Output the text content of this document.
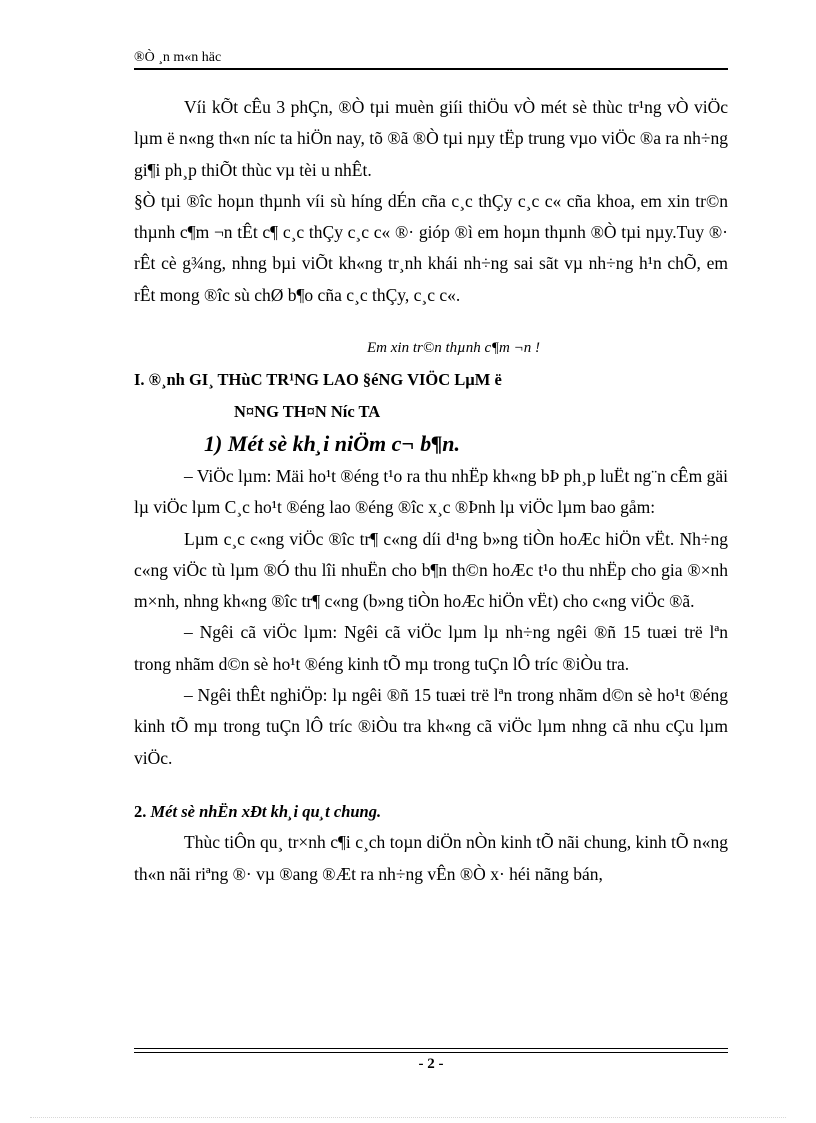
®Ò ¸n m«n häc

Víi kÕt cÊu 3 phÇn, ®Ò tµi muèn giíi thiÖu vÒ mét sè thùc tr¹ng vÒ viÖc lµm ë n«ng th«n níc ta hiÖn nay, tõ ®ã ®Ò tµi nµy tËp trung vµo viÖc ®a ra nh÷ng gi¶i ph¸p thiÕt thùc vµ tèi u nhÊt.

§Ò tµi ®îc hoµn thµnh víi sù híng dÉn cña c¸c thÇy c¸c c« cña khoa, em xin tr©n thµnh c¶m ¬n tÊt c¶ c¸c thÇy c¸c c« ®· gióp ®ì em hoµn thµnh ®Ò tµi nµy.Tuy ®· rÊt cè g¾ng, nhng bµi viÕt kh«ng tr¸nh khái nh÷ng sai sãt vµ nh÷ng h¹n chÕ, em rÊt mong ®îc sù chØ b¶o cña c¸c thÇy, c¸c c«.

Em xin tr©n thµnh c¶m ¬n !

I. ®¸nh GI¸ THùC TR¹NG LAO §éNG VIÖC LµM ë

N¤NG TH¤N Níc TA

1) Mét sè kh¸i niÖm c¬ b¶n.

– ViÖc lµm: Mäi ho¹t ®éng t¹o ra thu nhËp kh«ng bÞ ph¸p luËt ng¨n cÊm gäi lµ viÖc lµm C¸c ho¹t ®éng lao ®éng ®îc x¸c ®Þnh lµ viÖc lµm bao gåm:

Lµm c¸c c«ng viÖc ®îc tr¶ c«ng díi d¹ng b»ng tiÒn hoÆc hiÖn vËt. Nh÷ng c«ng viÖc tù lµm ®Ó thu lîi nhuËn cho b¶n th©n hoÆc t¹o thu nhËp cho gia ®×nh m×nh, nhng kh«ng ®îc tr¶ c«ng (b»ng tiÒn hoÆc hiÖn vËt) cho c«ng viÖc ®ã.

– Ngêi cã viÖc lµm: Ngêi cã viÖc lµm lµ nh÷ng ngêi ®ñ 15 tuæi trë lªn trong nhãm d©n sè ho¹t ®éng kinh tÕ mµ trong tuÇn lÔ tríc ®iÒu tra.

– Ngêi thÊt nghiÖp: lµ ngêi ®ñ 15 tuæi trë lªn trong nhãm d©n sè ho¹t ®éng kinh tÕ mµ trong tuÇn lÔ tríc ®iÒu tra kh«ng cã viÖc lµm nhng cã nhu cÇu lµm viÖc.

2. Mét sè nhËn xÐt kh¸i qu¸t chung.

Thùc tiÔn qu¸ tr×nh c¶i c¸ch toµn diÖn nÒn kinh tÕ nãi chung, kinh tÕ n«ng th«n nãi riªng ®· vµ ®ang ®Æt ra nh÷ng vÊn ®Ò x· héi nãng bán,

- 2 -
